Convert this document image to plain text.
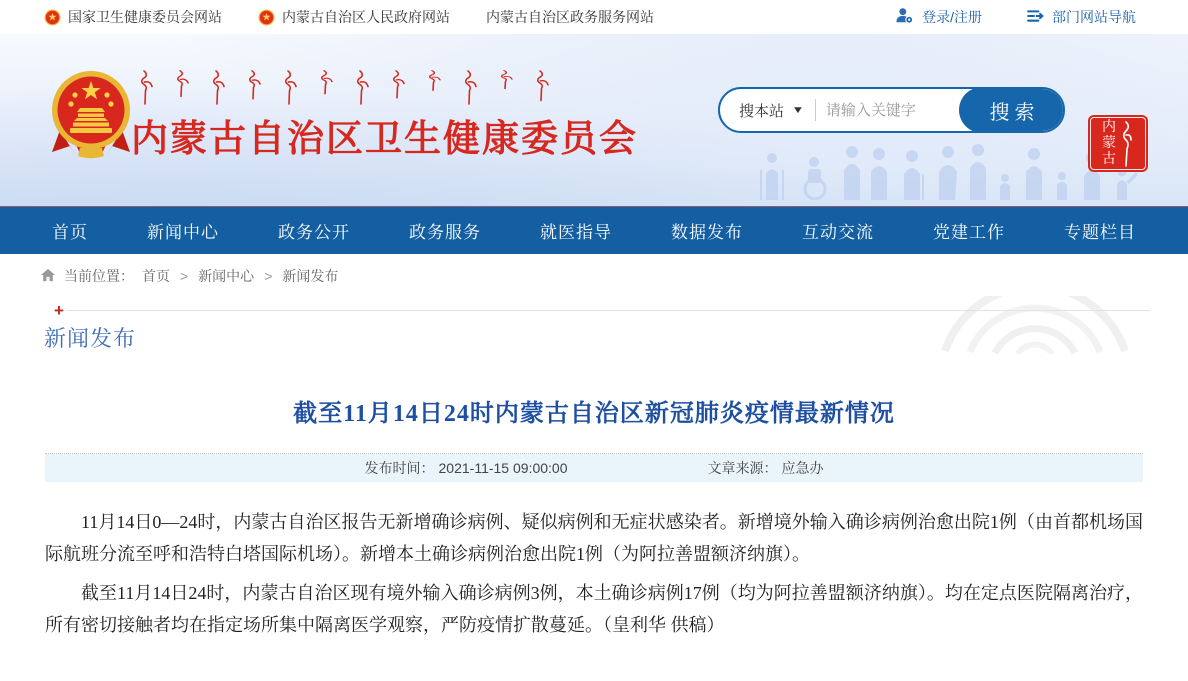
国家卫生健康委员会网站	内蒙古自治区人民政府网站	内蒙古自治区政务服务网站	登录/注册	部门网站导航
内蒙古自治区卫生健康委员会
搜本站 ▼
请输入关键字	搜索
内蒙古
首页	新闻中心	政务公开	政务服务	就医指导	数据发布	互动交流	党建工作	专题栏目
当前位置： 首页 > 新闻中心 > 新闻发布
+
新闻发布
截至11月14日24时内蒙古自治区新冠肺炎疫情最新情况
发布时间： 2021-11-15 09:00:00	文章来源： 应急办

11月14日0—24时，内蒙古自治区报告无新增确诊病例、疑似病例和无症状感染者。新增境外输入确诊病例治愈出院1例（由首都机场国际航班分流至呼和浩特白塔国际机场）。新增本土确诊病例治愈出院1例（为阿拉善盟额济纳旗）。

截至11月14日24时，内蒙古自治区现有境外输入确诊病例3例，本土确诊病例17例（均为阿拉善盟额济纳旗）。均在定点医院隔离治疗，所有密切接触者均在指定场所集中隔离医学观察，严防疫情扩散蔓延。（皇利华 供稿）
